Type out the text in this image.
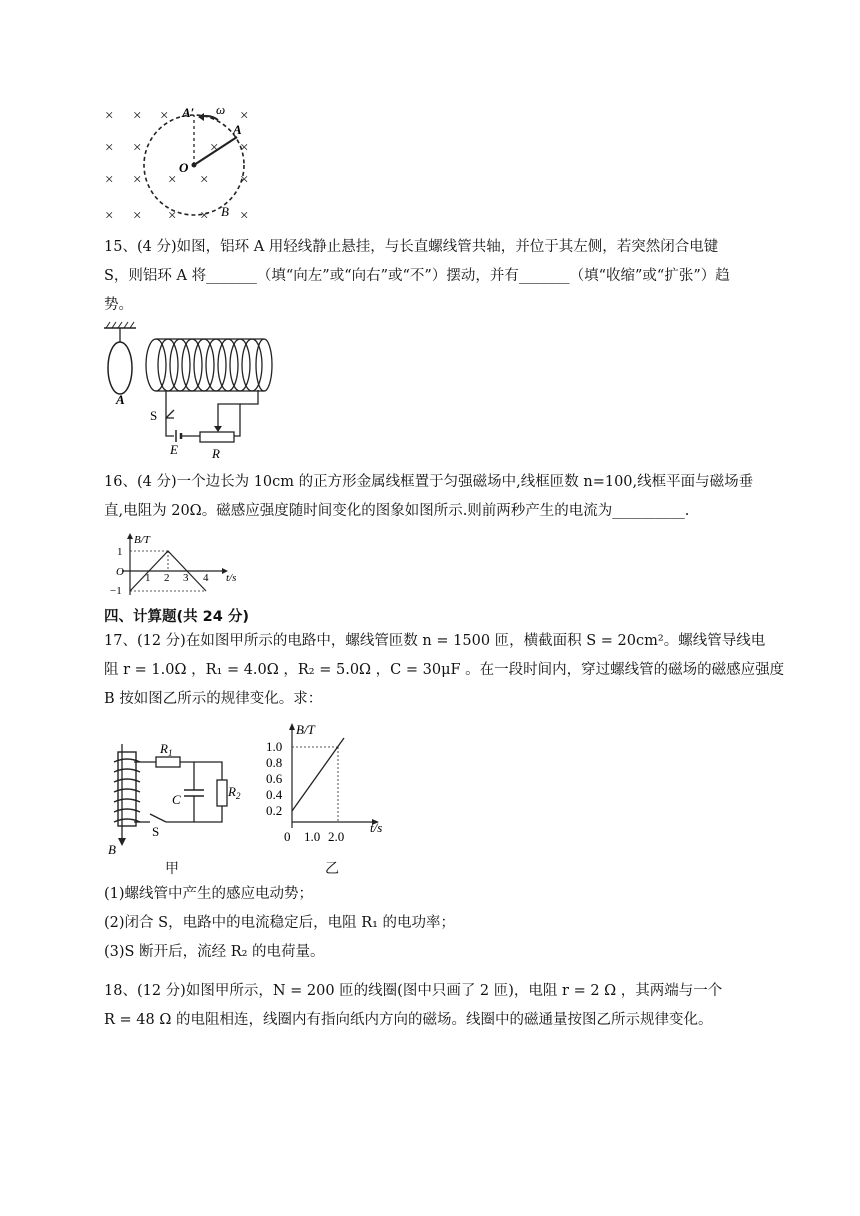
× × ×	×
× ×	× ×
× × × × ×
× × × × ×
ω
A′
A
O
B
15、(4 分)如图，铝环 A 用轻线静止悬挂，与长直螺线管共轴，并位于其左侧，若突然闭合电键
S，则铝环 A 将_______（填“向左”或“向右”或“不”）摆动，并有_______（填“收缩”或“扩张”）趋
势。
A
S
E	R
16、(4 分)一个边长为 10cm 的正方形金属线框置于匀强磁场中,线框匝数 n=100,线框平面与磁场垂
直,电阻为 20Ω。磁感应强度随时间变化的图象如图所示.则前两秒产生的电流为__________.
B/T
t/s
O
1
−1
1 2 3 4
四、计算题(共 24 分)
17、(12 分)在如图甲所示的电路中，螺线管匝数 n = 1500 匝，横截面积 S = 20cm²。螺线管导线电
阻 r = 1.0Ω ，R₁ = 4.0Ω ，R₂ = 5.0Ω ，C = 30μF 。在一段时间内，穿过螺线管的磁场的磁感应强度
B 按如图乙所示的规律变化。求：
B
$R_1$
$R_2$
C
S
甲
B/T
t/s
0
1.0
0.8
0.6
0.4
0.2
1.0 2.0
乙
(1)螺线管中产生的感应电动势；
(2)闭合 S，电路中的电流稳定后，电阻 R₁ 的电功率；
(3)S 断开后，流经 R₂ 的电荷量。
18、(12 分)如图甲所示，N = 200 匝的线圈(图中只画了 2 匝)，电阻 r = 2 Ω ，其两端与一个
R = 48 Ω 的电阻相连，线圈内有指向纸内方向的磁场。线圈中的磁通量按图乙所示规律变化。
